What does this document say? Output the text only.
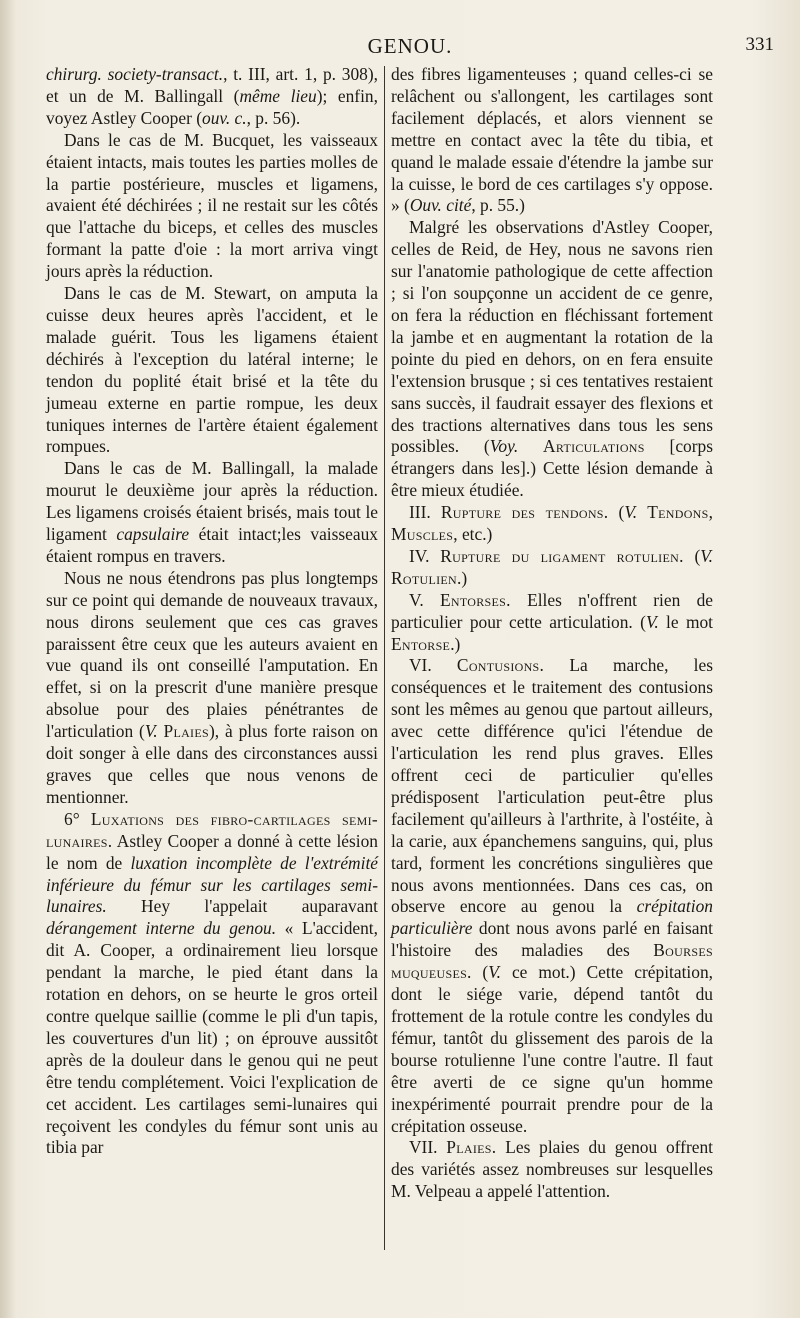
GENOU.	331

chirurg. society-transact., t. III, art. 1, p. 308), et un de M. Ballingall (même lieu); enfin, voyez Astley Cooper (ouv. c., p. 56).

Dans le cas de M. Bucquet, les vaisseaux étaient intacts, mais toutes les parties molles de la partie postérieure, muscles et ligamens, avaient été déchirées ; il ne restait sur les côtés que l'attache du biceps, et celles des muscles formant la patte d'oie : la mort arriva vingt jours après la réduction.

Dans le cas de M. Stewart, on amputa la cuisse deux heures après l'accident, et le malade guérit. Tous les ligamens étaient déchirés à l'exception du latéral interne; le tendon du poplité était brisé et la tête du jumeau externe en partie rompue, les deux tuniques internes de l'artère étaient également rompues.

Dans le cas de M. Ballingall, la malade mourut le deuxième jour après la réduction. Les ligamens croisés étaient brisés, mais tout le ligament capsulaire était intact;les vaisseaux étaient rompus en travers.

Nous ne nous étendrons pas plus longtemps sur ce point qui demande de nouveaux travaux, nous dirons seulement que ces cas graves paraissent être ceux que les auteurs avaient en vue quand ils ont conseillé l'amputation. En effet, si on la prescrit d'une manière presque absolue pour des plaies pénétrantes de l'articulation (V. Plaies), à plus forte raison on doit songer à elle dans des circonstances aussi graves que celles que nous venons de mentionner.

6° Luxations des fibro-cartilages semi-lunaires. Astley Cooper a donné à cette lésion le nom de luxation incomplète de l'extrémité inférieure du fémur sur les cartilages semi-lunaires. Hey l'appelait auparavant dérangement interne du genou. « L'accident, dit A. Cooper, a ordinairement lieu lorsque pendant la marche, le pied étant dans la rotation en dehors, on se heurte le gros orteil contre quelque saillie (comme le pli d'un tapis, les couvertures d'un lit) ; on éprouve aussitôt après de la douleur dans le genou qui ne peut être tendu complétement. Voici l'explication de cet accident. Les cartilages semi-lunaires qui reçoivent les condyles du fémur sont unis au tibia par

des fibres ligamenteuses ; quand celles-ci se relâchent ou s'allongent, les cartilages sont facilement déplacés, et alors viennent se mettre en contact avec la tête du tibia, et quand le malade essaie d'étendre la jambe sur la cuisse, le bord de ces cartilages s'y oppose. » (Ouv. cité, p. 55.)

Malgré les observations d'Astley Cooper, celles de Reid, de Hey, nous ne savons rien sur l'anatomie pathologique de cette affection ; si l'on soupçonne un accident de ce genre, on fera la réduction en fléchissant fortement la jambe et en augmentant la rotation de la pointe du pied en dehors, on en fera ensuite l'extension brusque ; si ces tentatives restaient sans succès, il faudrait essayer des flexions et des tractions alternatives dans tous les sens possibles. (Voy. Articulations [corps étrangers dans les].) Cette lésion demande à être mieux étudiée.

III. Rupture des tendons. (V. Tendons, Muscles, etc.)

IV. Rupture du ligament rotulien. (V. Rotulien.)

V. Entorses. Elles n'offrent rien de particulier pour cette articulation. (V. le mot Entorse.)

VI. Contusions. La marche, les conséquences et le traitement des contusions sont les mêmes au genou que partout ailleurs, avec cette différence qu'ici l'étendue de l'articulation les rend plus graves. Elles offrent ceci de particulier qu'elles prédisposent l'articulation peut-être plus facilement qu'ailleurs à l'arthrite, à l'ostéite, à la carie, aux épanchemens sanguins, qui, plus tard, forment les concrétions singulières que nous avons mentionnées. Dans ces cas, on observe encore au genou la crépitation particulière dont nous avons parlé en faisant l'histoire des maladies des Bourses muqueuses. (V. ce mot.) Cette crépitation, dont le siége varie, dépend tantôt du frottement de la rotule contre les condyles du fémur, tantôt du glissement des parois de la bourse rotulienne l'une contre l'autre. Il faut être averti de ce signe qu'un homme inexpérimenté pourrait prendre pour de la crépitation osseuse.

VII. Plaies. Les plaies du genou offrent des variétés assez nombreuses sur lesquelles M. Velpeau a appelé l'attention.
